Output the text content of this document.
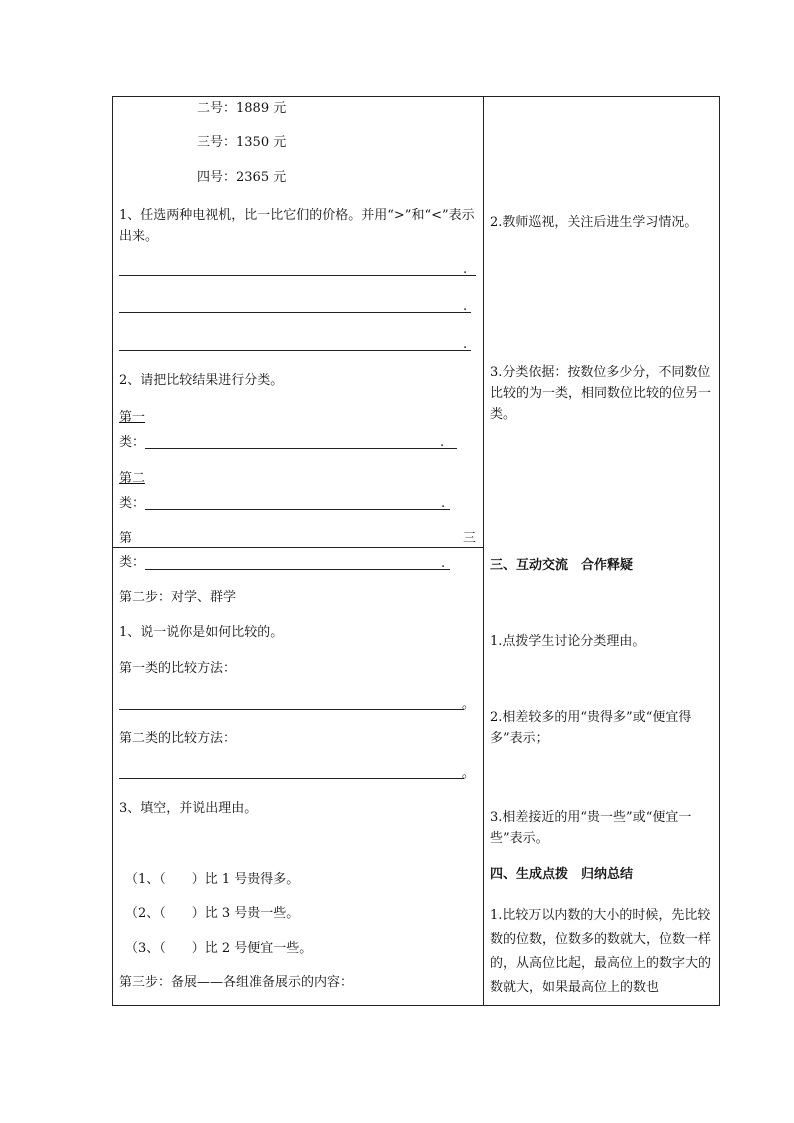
二号：1889 元

三号：1350 元

四号：2365 元

1、任选两种电视机，比一比它们的价格。并用“>”和“<”表示出来。

.

.

.

2、请把比较结果进行分类。

第一

类：	.

第二

类：	.

第	三

类：	.

第二步：对学、群学

1、说一说你是如何比较的。

第一类的比较方法：

。

第二类的比较方法：

。

3、填空，并说出理由。

（1、（　　）比 1 号贵得多。

（2、（　　）比 3 号贵一些。

（3、（　　）比 2 号便宜一些。

第三步：备展——各组准备展示的内容：

2.教师巡视，关注后进生学习情况。

3.分类依据：按数位多少分，不同数位比较的为一类，相同数位比较的位另一类。

三、互动交流　合作释疑

1.点拨学生讨论分类理由。

2.相差较多的用“贵得多”或“便宜得多”表示；

3.相差接近的用“贵一些”或“便宜一些”表示。

四、生成点拨　归纳总结

1.比较万以内数的大小的时候，先比较数的位数，位数多的数就大，位数一样的，从高位比起，最高位上的数字大的数就大，如果最高位上的数也
